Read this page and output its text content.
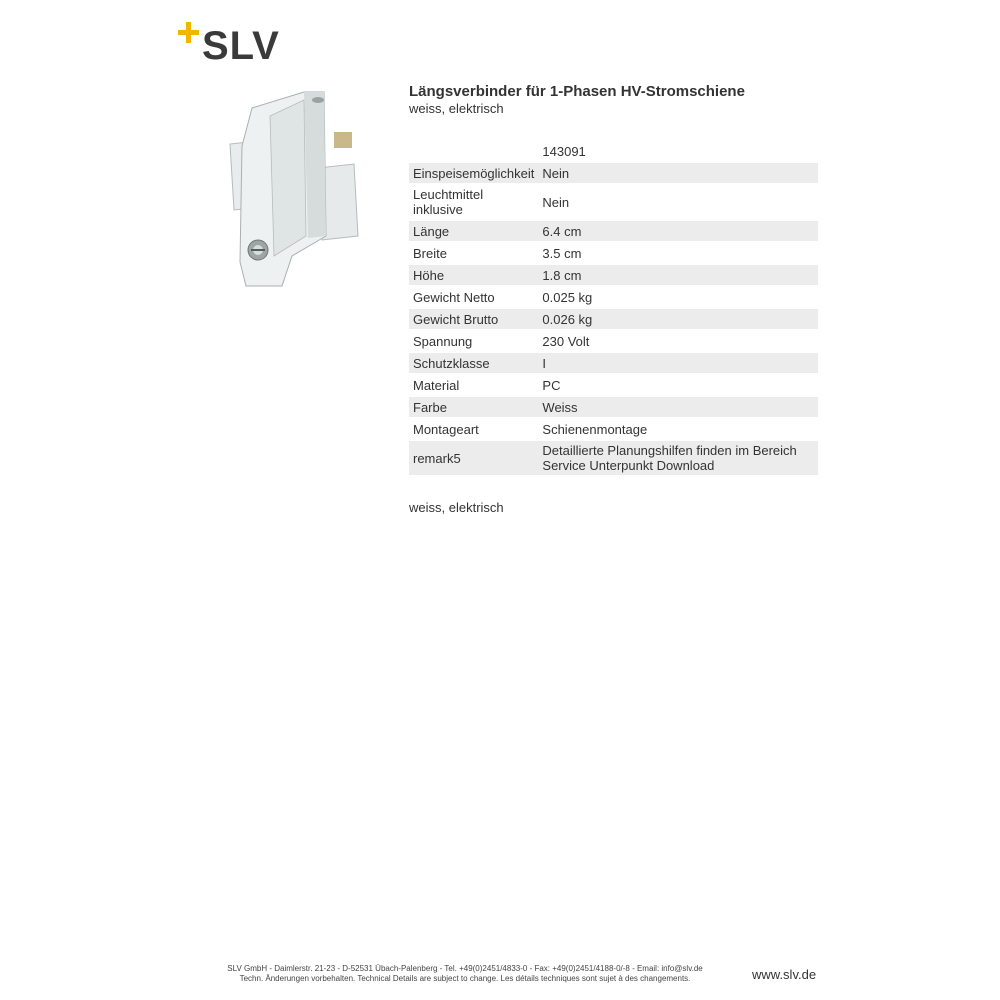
SLV
Längsverbinder für 1-Phasen HV-Stromschiene
weiss, elektrisch
	143091
Einspeisemöglichkeit	Nein
Leuchtmittel inklusive	Nein
Länge	6.4 cm
Breite	3.5 cm
Höhe	1.8 cm
Gewicht Netto	0.025 kg
Gewicht Brutto	0.026 kg
Spannung	230 Volt
Schutzklasse	I
Material	PC
Farbe	Weiss
Montageart	Schienenmontage
remark5	Detaillierte Planungshilfen finden im Bereich Service Unterpunkt Download
weiss, elektrisch
SLV GmbH - Daimlerstr. 21-23 - D-52531 Übach-Palenberg - Tel. +49(0)2451/4833-0 - Fax: +49(0)2451/4188-0/-8 - Email: info@slv.de
Techn. Änderungen vorbehalten. Technical Details are subject to change. Les détails techniques sont sujet à des changements.	www.slv.de
